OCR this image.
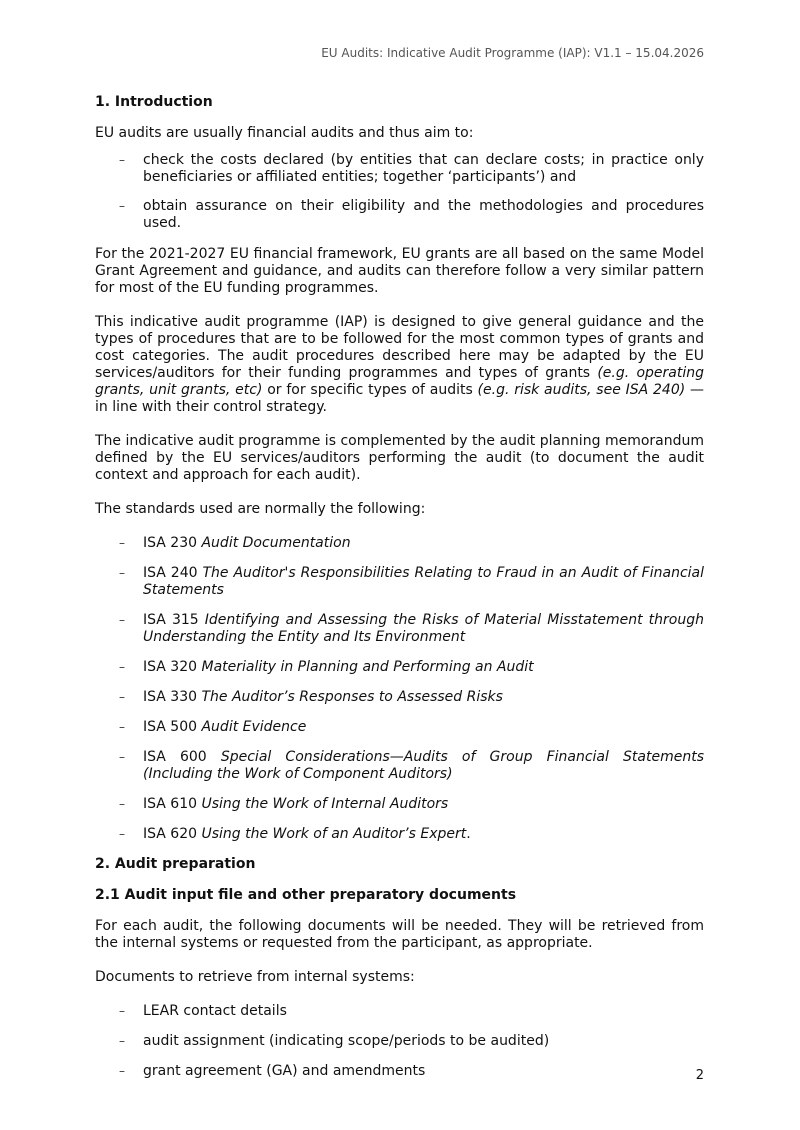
EU Audits: Indicative Audit Programme (IAP): V1.1 – 15.04.2026
1. Introduction

EU audits are usually financial audits and thus aim to:

– check the costs declared (by entities that can declare costs; in practice only beneficiaries or affiliated entities; together ‘participants’) and
– obtain assurance on their eligibility and the methodologies and procedures used.

For the 2021-2027 EU financial framework, EU grants are all based on the same Model Grant Agreement and guidance, and audits can therefore follow a very similar pattern for most of the EU funding programmes.

This indicative audit programme (IAP) is designed to give general guidance and the types of procedures that are to be followed for the most common types of grants and cost categories. The audit procedures described here may be adapted by the EU services/auditors for their funding programmes and types of grants (e.g. operating grants, unit grants, etc) or for specific types of audits (e.g. risk audits, see ISA 240) — in line with their control strategy.

The indicative audit programme is complemented by the audit planning memorandum defined by the EU services/auditors performing the audit (to document the audit context and approach for each audit).

The standards used are normally the following:

– ISA 230 Audit Documentation
– ISA 240 The Auditor's Responsibilities Relating to Fraud in an Audit of Financial Statements
– ISA 315 Identifying and Assessing the Risks of Material Misstatement through Understanding the Entity and Its Environment
– ISA 320 Materiality in Planning and Performing an Audit
– ISA 330 The Auditor’s Responses to Assessed Risks
– ISA 500 Audit Evidence
– ISA 600 Special Considerations—Audits of Group Financial Statements (Including the Work of Component Auditors)
– ISA 610 Using the Work of Internal Auditors
– ISA 620 Using the Work of an Auditor’s Expert.
2. Audit preparation
2.1 Audit input file and other preparatory documents

For each audit, the following documents will be needed. They will be retrieved from the internal systems or requested from the participant, as appropriate.

Documents to retrieve from internal systems:

– LEAR contact details
– audit assignment (indicating scope/periods to be audited)
– grant agreement (GA) and amendments	2
